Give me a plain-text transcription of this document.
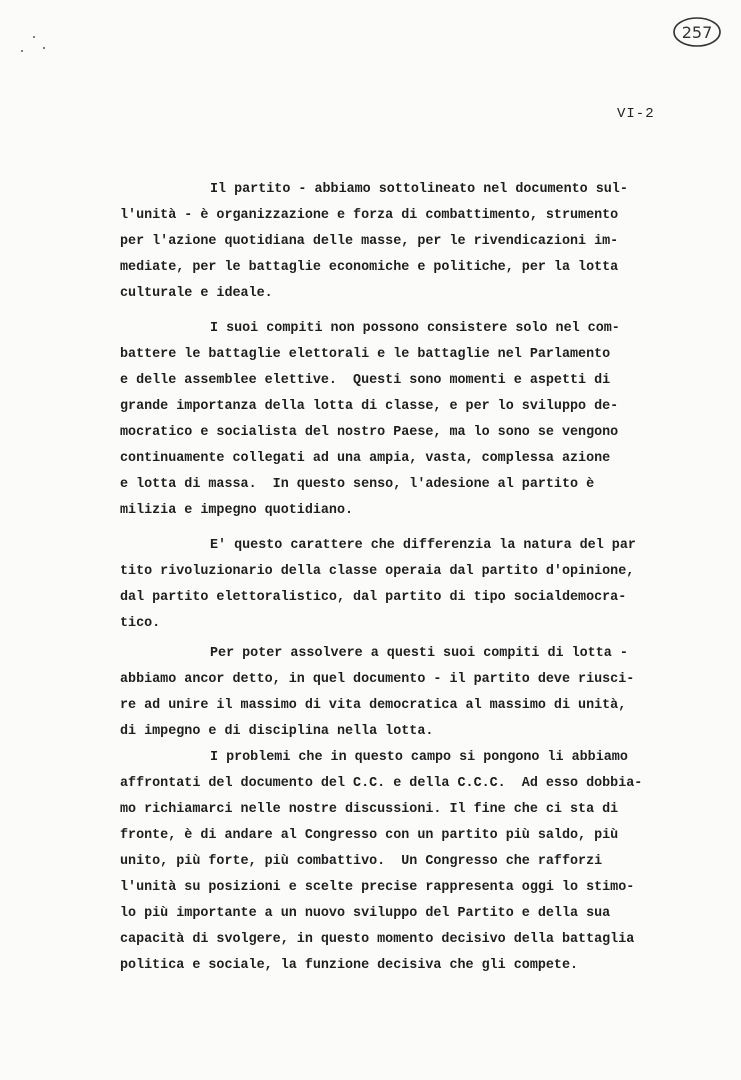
257
VI-2
Il partito - abbiamo sottolineato nel documento sul-
l'unità - è organizzazione e forza di combattimento, strumento
per l'azione quotidiana delle masse, per le rivendicazioni im-
mediate, per le battaglie economiche e politiche, per la lotta
culturale e ideale.
I suoi compiti non possono consistere solo nel com-
battere le battaglie elettorali e le battaglie nel Parlamento
e delle assemblee elettive.  Questi sono momenti e aspetti di
grande importanza della lotta di classe, e per lo sviluppo de-
mocratico e socialista del nostro Paese, ma lo sono se vengono
continuamente collegati ad una ampia, vasta, complessa azione
e lotta di massa.  In questo senso, l'adesione al partito è
milizia e impegno quotidiano.
E' questo carattere che differenzia la natura del par
tito rivoluzionario della classe operaia dal partito d'opinione,
dal partito elettoralistico, dal partito di tipo socialdemocra-
tico.
Per poter assolvere a questi suoi compiti di lotta -
abbiamo ancor detto, in quel documento - il partito deve riusci-
re ad unire il massimo di vita democratica al massimo di unità,
di impegno e di disciplina nella lotta.
I problemi che in questo campo si pongono li abbiamo
affrontati del documento del C.C. e della C.C.C.  Ad esso dobbia-
mo richiamarci nelle nostre discussioni. Il fine che ci sta di
fronte, è di andare al Congresso con un partito più saldo, più
unito, più forte, più combattivo.  Un Congresso che rafforzi
l'unità su posizioni e scelte precise rappresenta oggi lo stimo-
lo più importante a un nuovo sviluppo del Partito e della sua
capacità di svolgere, in questo momento decisivo della battaglia
politica e sociale, la funzione decisiva che gli compete.
